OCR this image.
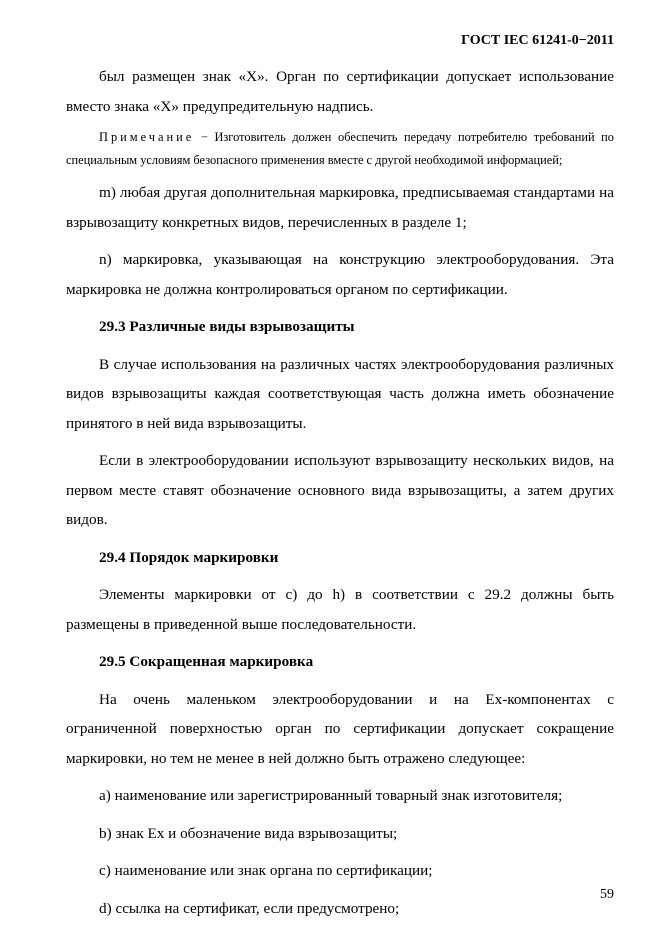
ГОСТ IEC 61241-0−2011

был размещен знак «X». Орган по сертификации допускает использование вместо знака «X» предупредительную надпись.

Примечание − Изготовитель должен обеспечить передачу потребителю требований по специальным условиям безопасного применения вместе с другой необходимой информацией;

m) любая другая дополнительная маркировка, предписываемая стандартами на взрывозащиту конкретных видов, перечисленных в разделе 1;

n) маркировка, указывающая на конструкцию электрооборудования. Эта маркировка не должна контролироваться органом по сертификации.

29.3 Различные виды взрывозащиты

В случае использования на различных частях электрооборудования различных видов взрывозащиты каждая соответствующая часть должна иметь обозначение принятого в ней вида взрывозащиты.

Если в электрооборудовании используют взрывозащиту нескольких видов, на первом месте ставят обозначение основного вида взрывозащиты, а затем других видов.

29.4 Порядок маркировки

Элементы маркировки от c) до h) в соответствии с 29.2 должны быть размещены в приведенной выше последовательности.

29.5 Сокращенная маркировка

На очень маленьком электрооборудовании и на Ex-компонентах с ограниченной поверхностью орган по сертификации допускает сокращение маркировки, но тем не менее в ней должно быть отражено следующее:

a) наименование или зарегистрированный товарный знак изготовителя;

b) знак Ex и обозначение вида взрывозащиты;

c) наименование или знак органа по сертификации;

d) ссылка на сертификат, если предусмотрено;

59
